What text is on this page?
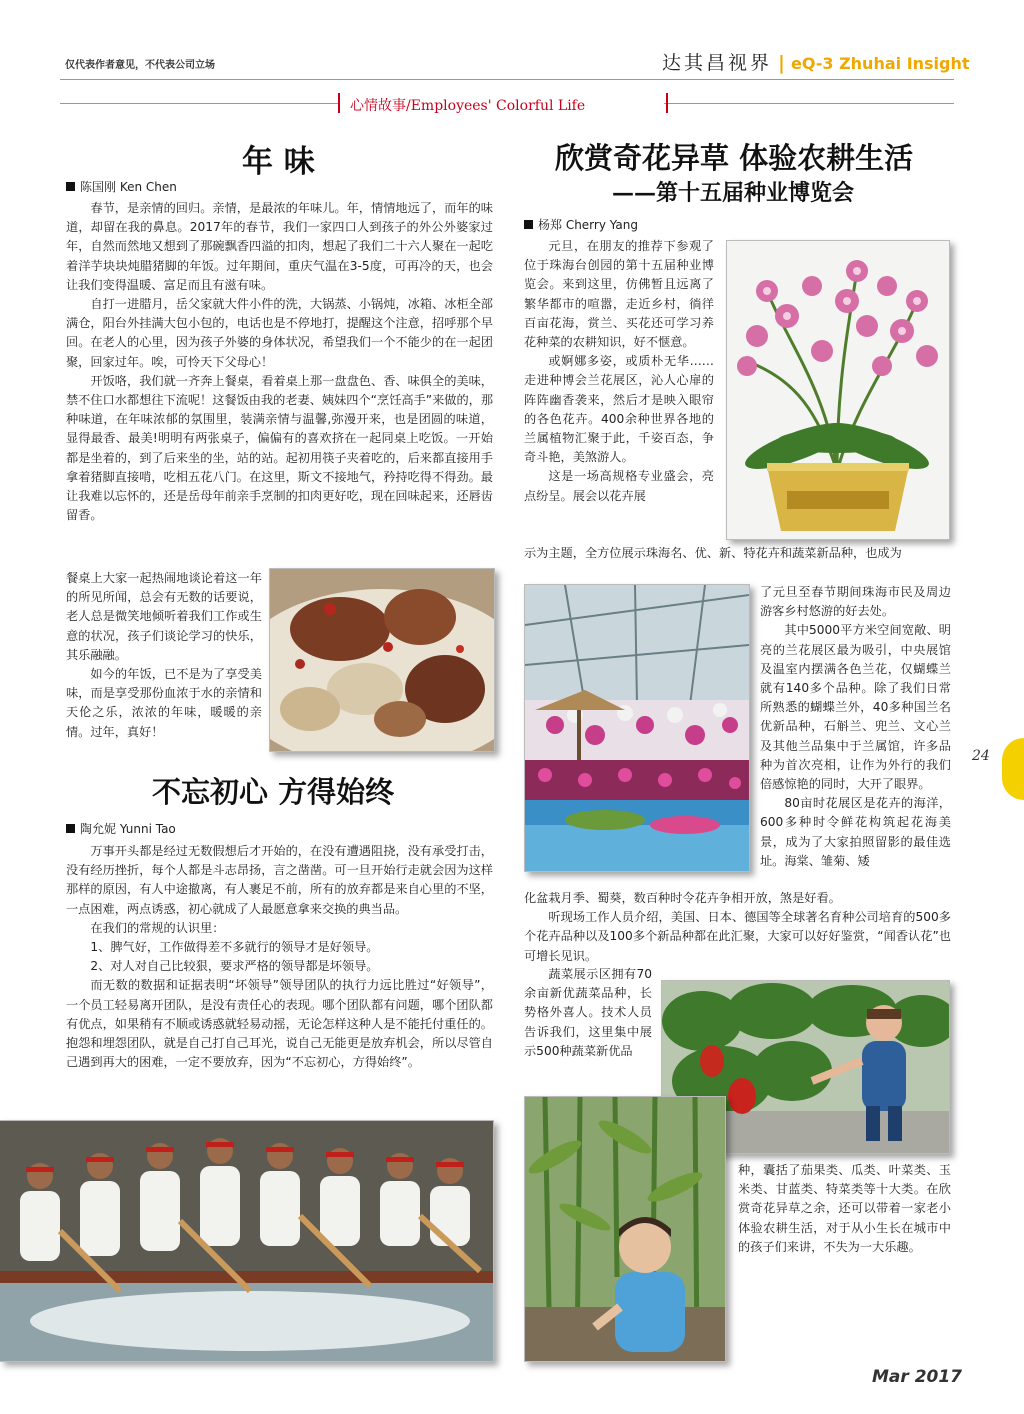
仅代表作者意见，不代表公司立场	达其昌视界 | eQ-3 Zhuhai Insight
心情故事/Employees' Colorful Life
年 味
陈国刚 Ken Chen

春节，是亲情的回归。亲情，是最浓的年味儿。年，情情地远了，而年的味道，却留在我的鼻息。2017年的春节，我们一家四口人到孩子的外公外婆家过年，自然而然地又想到了那碗飘香四溢的扣肉，想起了我们二十六人聚在一起吃着洋芋块块炖腊猪脚的年饭。过年期间，重庆气温在3-5度，可再冷的天，也会让我们变得温暖、富足而且有滋有味。

自打一进腊月，岳父家就大件小件的洗，大锅蒸、小锅炖，冰箱、冰柜全部满仓，阳台外挂满大包小包的，电话也是不停地打，提醒这个注意，招呼那个早回。在老人的心里，因为孩子外婆的身体状况，希望我们一个不能少的在一起团聚，回家过年。唉，可怜天下父母心！

开饭咯，我们就一齐奔上餐桌，看着桌上那一盘盘色、香、味俱全的美味，禁不住口水都想往下流呢！这餐饭由我的老妻、姨妹四个“烹饪高手”来做的，那种味道，在年味浓郁的氛围里，装满亲情与温馨,弥漫开来，也是团圆的味道，显得最香、最美!明明有两张桌子，偏偏有的喜欢挤在一起同桌上吃饭。一开始都是坐着的，到了后来坐的坐，站的站。起初用筷子夹着吃的，后来都直接用手拿着猪脚直接啃，吃相五花八门。在这里，斯文不接地气，矜持吃得不得劲。最让我难以忘怀的，还是岳母年前亲手烹制的扣肉更好吃，现在回味起来，还唇齿留香。

餐桌上大家一起热闹地谈论着这一年的所见所闻，总会有无数的话要说，老人总是微笑地倾听着我们工作或生意的状况，孩子们谈论学习的快乐，其乐融融。

如今的年饭，已不是为了享受美味，而是享受那份血浓于水的亲情和天伦之乐，浓浓的年味，暖暖的亲情。过年，真好！

不忘初心 方得始终
陶允妮 Yunni Tao

万事开头都是经过无数假想后才开始的，在没有遭遇阻挠，没有承受打击，没有经历挫折，每个人都是斗志昂扬，言之凿凿。可一旦开始行走就会因为这样那样的原因，有人中途撤离，有人裹足不前，所有的放弃都是来自心里的不坚，一点困难，两点诱惑，初心就成了人最愿意拿来交换的典当品。

在我们的常规的认识里：

1、脾气好，工作做得差不多就行的领导才是好领导。

2、对人对自己比较狠，要求严格的领导都是坏领导。

而无数的数据和证据表明“坏领导”领导团队的执行力远比胜过“好领导”，一个员工轻易离开团队，是没有责任心的表现。哪个团队都有问题，哪个团队都有优点，如果稍有不顺或诱惑就轻易动摇，无论怎样这种人是不能托付重任的。抱怨和埋怨团队，就是自己打自己耳光，说自己无能更是放弃机会，所以尽管自己遇到再大的困难，一定不要放弃，因为“不忘初心，方得始终”。

欣赏奇花异草 体验农耕生活
——第十五届种业博览会
杨郑 Cherry Yang

元旦，在朋友的推荐下参观了位于珠海台创园的第十五届种业博览会。来到这里，仿佛暂且远离了繁华都市的喧嚣，走近乡村，徜徉百亩花海，赏兰、买花还可学习养花种菜的农耕知识，好不惬意。

或婀娜多姿，或质朴无华……走进种博会兰花展区，沁人心扉的阵阵幽香袭来，然后才是映入眼帘的各色花卉。400余种世界各地的兰属植物汇聚于此，千姿百态，争奇斗艳，美煞游人。

这是一场高规格专业盛会，亮点纷呈。展会以花卉展

示为主题，全方位展示珠海名、优、新、特花卉和蔬菜新品种，也成为

了元旦至春节期间珠海市民及周边游客乡村悠游的好去处。

其中5000平方米空间宽敞、明亮的兰花展区最为吸引，中央展馆及温室内摆满各色兰花，仅蝴蝶兰就有140多个品种。除了我们日常所熟悉的蝴蝶兰外，40多种国兰名优新品种，石斛兰、兜兰、文心兰及其他兰品集中于兰属馆，许多品种为首次亮相，让作为外行的我们倍感惊艳的同时，大开了眼界。

80亩时花展区是花卉的海洋，600多种时令鲜花构筑起花海美景，成为了大家拍照留影的最佳选址。海棠、雏菊、矮

化盆栽月季、蜀葵，数百种时令花卉争相开放，煞是好看。

听现场工作人员介绍，美国、日本、德国等全球著名育种公司培育的500多个花卉品种以及100多个新品种都在此汇聚，大家可以好好鉴赏，“闻香认花”也可增长见识。

蔬菜展示区拥有70余亩新优蔬菜品种，长势格外喜人。技术人员告诉我们，这里集中展示500种蔬菜新优品

种，囊括了茄果类、瓜类、叶菜类、玉米类、甘蓝类、特菜类等十大类。在欣赏奇花异草之余，还可以带着一家老小体验农耕生活，对于从小生长在城市中的孩子们来讲，不失为一大乐趣。

24
Mar 2017
